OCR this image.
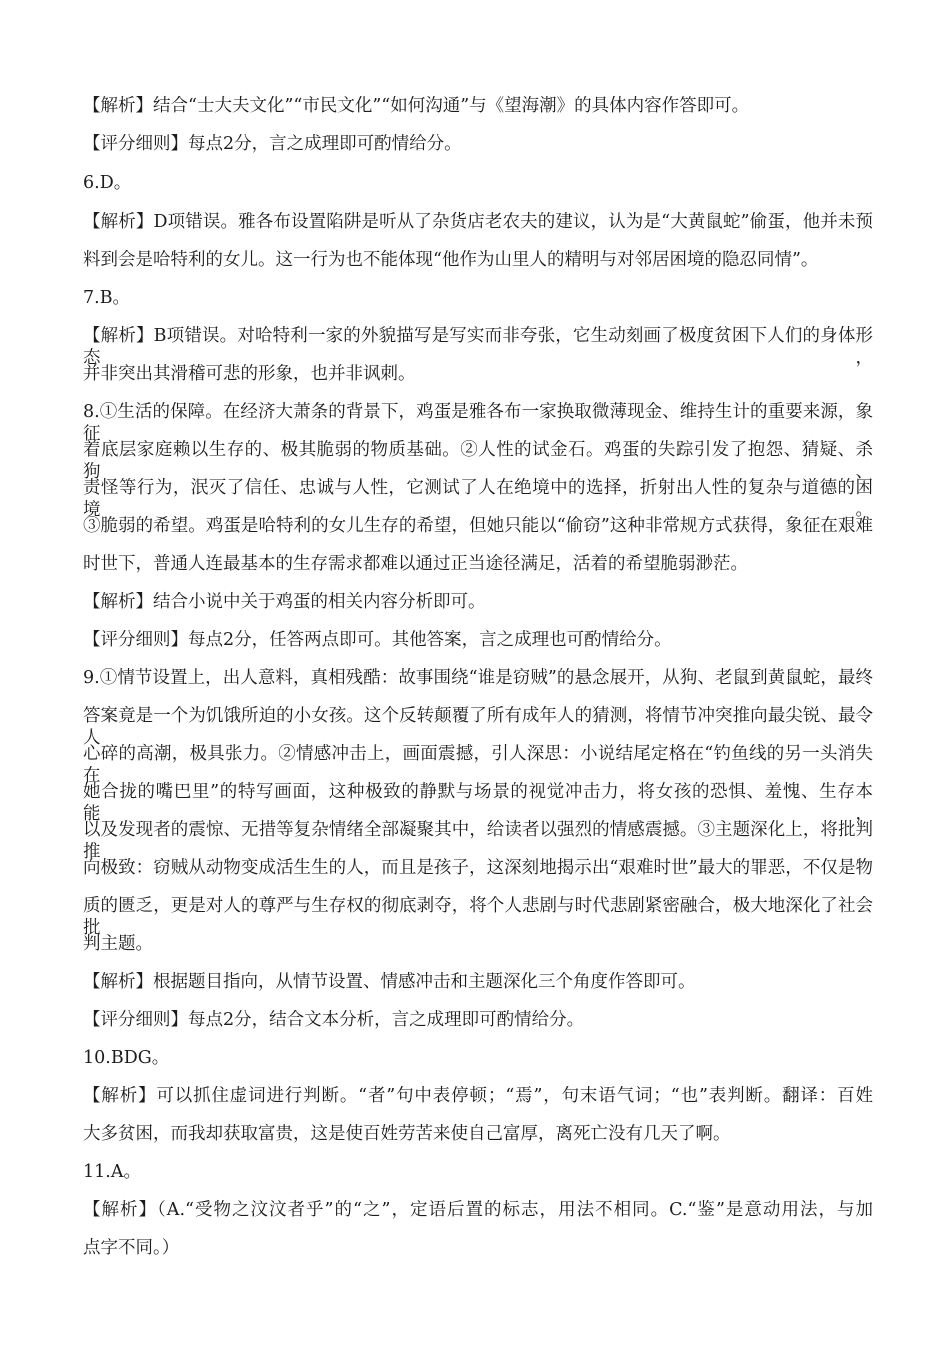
【解析】结合“士大夫文化”“市民文化”“如何沟通”与《望海潮》的具体内容作答即可。
【评分细则】每点2分，言之成理即可酌情给分。
6.D。
【解析】D项错误。雅各布设置陷阱是听从了杂货店老农夫的建议，认为是“大黄鼠蛇”偷蛋，他并未预
料到会是哈特利的女儿。这一行为也不能体现“他作为山里人的精明与对邻居困境的隐忍同情”。
7.B。
【解析】B项错误。对哈特利一家的外貌描写是写实而非夸张，它生动刻画了极度贫困下人们的身体形态，
并非突出其滑稽可悲的形象，也并非讽刺。
8.①生活的保障。在经济大萧条的背景下，鸡蛋是雅各布一家换取微薄现金、维持生计的重要来源，象征
着底层家庭赖以生存的、极其脆弱的物质基础。②人性的试金石。鸡蛋的失踪引发了抱怨、猜疑、杀狗、
责怪等行为，泯灭了信任、忠诚与人性，它测试了人在绝境中的选择，折射出人性的复杂与道德的困境。
③脆弱的希望。鸡蛋是哈特利的女儿生存的希望，但她只能以“偷窃”这种非常规方式获得，象征在艰难
时世下，普通人连最基本的生存需求都难以通过正当途径满足，活着的希望脆弱渺茫。
【解析】结合小说中关于鸡蛋的相关内容分析即可。
【评分细则】每点2分，任答两点即可。其他答案，言之成理也可酌情给分。
9.①情节设置上，出人意料，真相残酷：故事围绕“谁是窃贼”的悬念展开，从狗、老鼠到黄鼠蛇，最终
答案竟是一个为饥饿所迫的小女孩。这个反转颠覆了所有成年人的猜测，将情节冲突推向最尖锐、最令人
心碎的高潮，极具张力。②情感冲击上，画面震撼，引人深思：小说结尾定格在“钓鱼线的另一头消失在
她合拢的嘴巴里”的特写画面，这种极致的静默与场景的视觉冲击力，将女孩的恐惧、羞愧、生存本能，
以及发现者的震惊、无措等复杂情绪全部凝聚其中，给读者以强烈的情感震撼。③主题深化上，将批判推
向极致：窃贼从动物变成活生生的人，而且是孩子，这深刻地揭示出“艰难时世”最大的罪恶，不仅是物
质的匮乏，更是对人的尊严与生存权的彻底剥夺，将个人悲剧与时代悲剧紧密融合，极大地深化了社会批
判主题。
【解析】根据题目指向，从情节设置、情感冲击和主题深化三个角度作答即可。
【评分细则】每点2分，结合文本分析，言之成理即可酌情给分。
10.BDG。
【解析】可以抓住虚词进行判断。“者”句中表停顿；“焉”，句末语气词；“也”表判断。翻译：百姓
大多贫困，而我却获取富贵，这是使百姓劳苦来使自己富厚，离死亡没有几天了啊。
11.A。
【解析】（A.“受物之汶汶者乎”的“之”，定语后置的标志，用法不相同。C.“鉴”是意动用法，与加
点字不同。）
